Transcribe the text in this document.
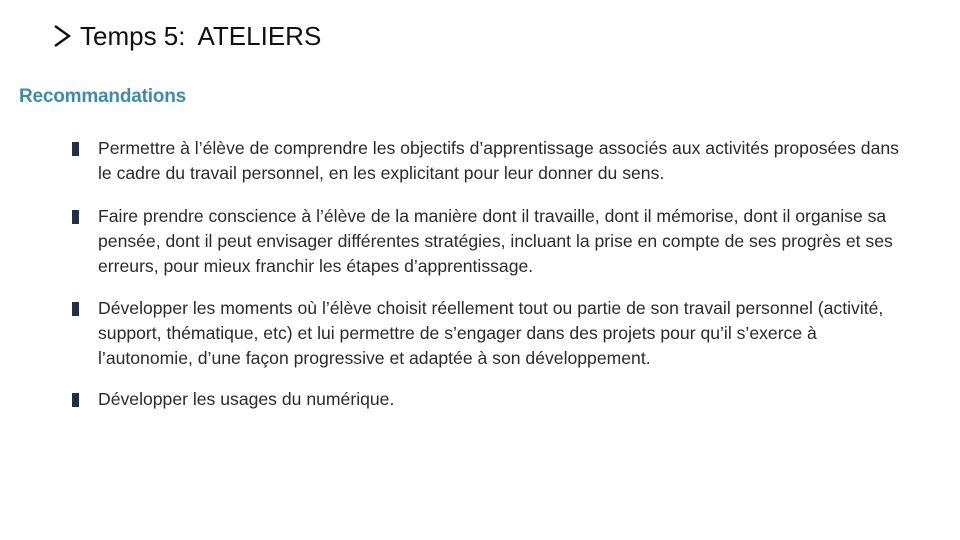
Temps 5: ATELIERS
Recommandations
Permettre à l’élève de comprendre les objectifs d’apprentissage associés aux activités proposées dans le cadre du travail personnel, en les explicitant pour leur donner du sens.
Faire prendre conscience à l’élève de la manière dont il travaille, dont il mémorise, dont il organise sa pensée, dont il peut envisager différentes stratégies, incluant la prise en compte de ses progrès et ses erreurs, pour mieux franchir les étapes d’apprentissage.
Développer les moments où l’élève choisit réellement tout ou partie de son travail personnel (activité, support, thématique, etc) et lui permettre de s’engager dans des projets pour qu’il s’exerce à l’autonomie, d’une façon progressive et adaptée à son développement.
Développer les usages du numérique.
